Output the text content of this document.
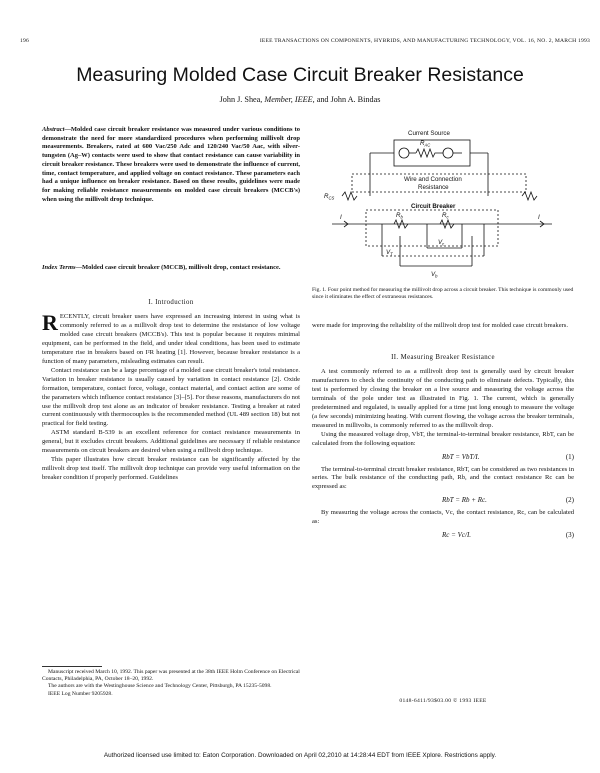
196	IEEE TRANSACTIONS ON COMPONENTS, HYBRIDS, AND MANUFACTURING TECHNOLOGY, VOL. 16, NO. 2, MARCH 1993
Measuring Molded Case Circuit Breaker Resistance
John J. Shea, Member, IEEE, and John A. Bindas
Abstract—Molded case circuit breaker resistance was measured under various conditions to demonstrate the need for more standardized procedures when performing millivolt drop measurements. Breakers, rated at 600 Vac/250 Adc and 120/240 Vac/50 Aac, with silver-tungsten (Ag–W) contacts were used to show that contact resistance can cause variability in circuit breaker resistance. These breakers were used to demonstrate the influence of current, time, contact temperature, and applied voltage on contact resistance. These parameters each had a unique influence on breaker resistance. Based on these results, guidelines were made for making reliable resistance measurements on molded case circuit breakers (MCCB's) when using the millivolt drop technique.
Index Terms—Molded case circuit breaker (MCCB), millivolt drop, contact resistance.

I. Introduction

RECENTLY, circuit breaker users have expressed an increasing interest in using what is commonly referred to as a millivolt drop test to determine the resistance of low voltage molded case circuit breakers (MCCB's). This test is popular because it requires minimal equipment, can be performed in the field, and under ideal conditions, has been used to estimate temperature rise in breakers based on I²R heating [1]. However, because breaker resistance is a function of many parameters, misleading estimates can result.

Contact resistance can be a large percentage of a molded case circuit breaker's total resistance. Variation in breaker resistance is usually caused by variation in contact resistance [2]. Oxide formation, temperature, contact force, voltage, contact material, and contact action are some of the parameters which influence contact resistance [3]–[5]. For these reasons, manufacturers do not use the millivolt drop test alone as an indicator of breaker resistance. Testing a breaker at rated current continuously with thermocouples is the recommended method (UL 489 section 18) but not practical for field testing.

ASTM standard B-539 is an excellent reference for contact resistance measurements in general, but it excludes circuit breakers. Additional guidelines are necessary if reliable resistance measurements on circuit breakers are desired when using a millivolt drop technique.

This paper illustrates how circuit breaker resistance can be significantly affected by the millivolt drop test itself. The millivolt drop technique can provide very useful information on the breaker condition if properly performed. Guidelines

Manuscript received March 10, 1992. This paper was presented at the 38th IEEE Holm Conference on Electrical Contacts, Philadelphia, PA, October 18–20, 1992.

The authors are with the Westinghouse Science and Technology Center, Pittsburgh, PA 15235-5098.

IEEE Log Number 9205928.

Current Source
$R_{AC}$
Wire and Connection
Resistance
Circuit Breaker
$R_{CS}$
I	I
$R_b$	$R_c$
$V_c$
$V_b$
$V_T$
Fig. 1. Four point method for measuring the millivolt drop across a circuit breaker. This technique is commonly used since it eliminates the effect of extraneous resistances.

were made for improving the reliability of the millivolt drop test for molded case circuit breakers.

II. Measuring Breaker Resistance

A test commonly referred to as a millivolt drop test is generally used by circuit breaker manufacturers to check the continuity of the conducting path to eliminate defects. Typically, this test is performed by closing the breaker on a live source and measuring the voltage across the terminals of the pole under test as illustrated in Fig. 1. The current, which is generally predetermined and regulated, is usually applied for a time just long enough to measure the voltage (a few seconds) minimizing heating. With current flowing, the voltage across the breaker terminals, measured in millivolts, is commonly referred to as the millivolt drop.

Using the measured voltage drop, VbT, the terminal-to-terminal breaker resistance, RbT, can be calculated from the following equation:

RbT = VbT/I.	(1)

The terminal-to-terminal circuit breaker resistance, RbT, can be considered as two resistances in series. The bulk resistance of the conducting path, Rb, and the contact resistance Rc can be expressed as:

RbT = Rb + Rc.	(2)

By measuring the voltage across the contacts, Vc, the contact resistance, Rc, can be calculated as:

Rc = Vc/I.	(3)
0148-6411/93$03.00 © 1993 IEEE
Authorized licensed use limited to: Eaton Corporation. Downloaded on April 02,2010 at 14:28:44 EDT from IEEE Xplore. Restrictions apply.
